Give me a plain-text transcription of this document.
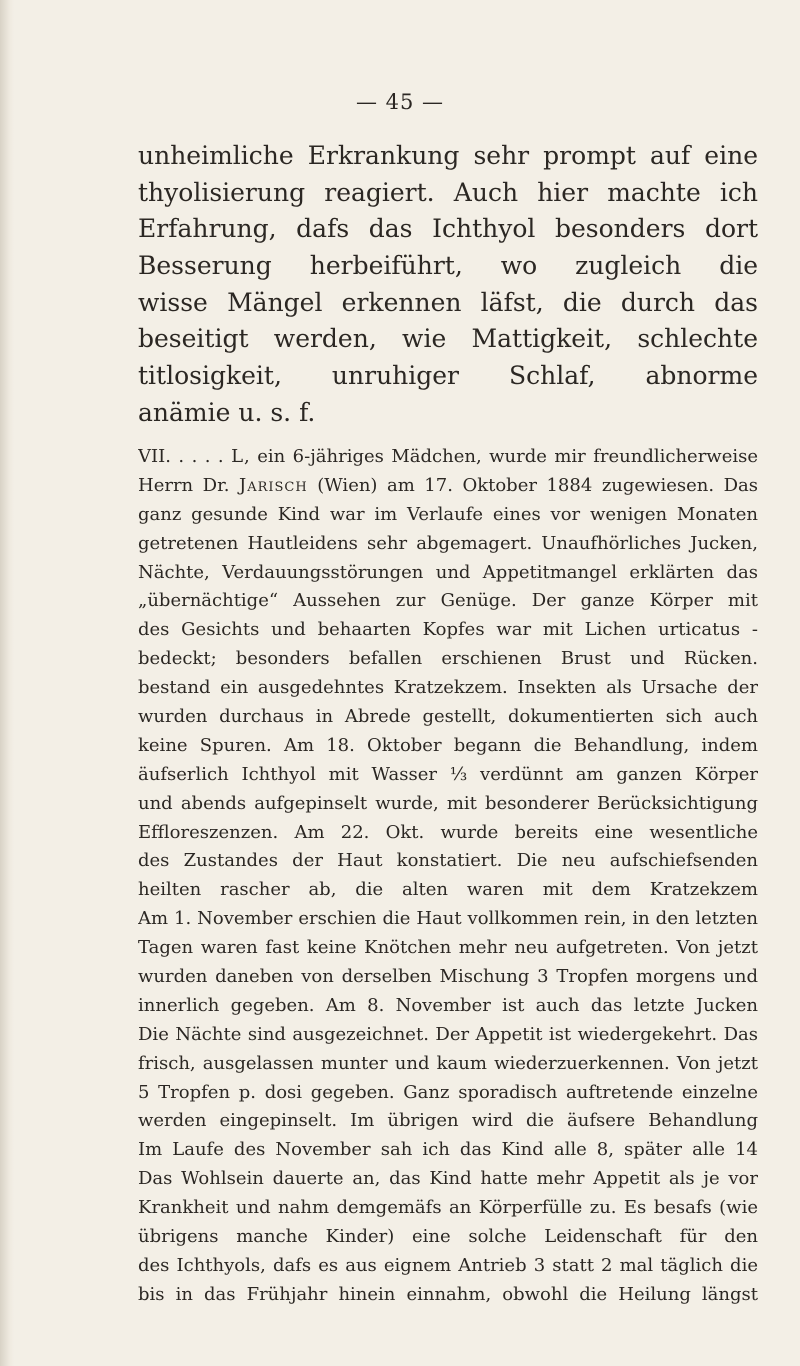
— 45 —
unheimliche Erkrankung sehr prompt auf eine
thyolisierung reagiert. Auch hier machte ich
Erfahrung, dafs das Ichthyol besonders dort
Besserung herbeiführt, wo zugleich die
wisse Mängel erkennen läfst, die durch das
beseitigt werden, wie Mattigkeit, schlechte
titlosigkeit, unruhiger Schlaf, abnorme
anämie u. s. f.
VII. . . . . L, ein 6-jähriges Mädchen, wurde mir freundlicherweise
Herrn Dr. Jarisch (Wien) am 17. Oktober 1884 zugewiesen. Das
ganz gesunde Kind war im Verlaufe eines vor wenigen Monaten
getretenen Hautleidens sehr abgemagert. Unaufhörliches Jucken,
Nächte, Verdauungsstörungen und Appetitmangel erklärten das
„übernächtige“ Aussehen zur Genüge. Der ganze Körper mit
des Gesichts und behaarten Kopfes war mit Lichen urticatus -
bedeckt; besonders befallen erschienen Brust und Rücken.
bestand ein ausgedehntes Kratzekzem. Insekten als Ursache der
wurden durchaus in Abrede gestellt, dokumentierten sich auch
keine Spuren. Am 18. Oktober begann die Behandlung, indem
äufserlich Ichthyol mit Wasser ⅓ verdünnt am ganzen Körper
und abends aufgepinselt wurde, mit besonderer Berücksichtigung
Effloreszenzen. Am 22. Okt. wurde bereits eine wesentliche
des Zustandes der Haut konstatiert. Die neu aufschiefsenden
heilten rascher ab, die alten waren mit dem Kratzekzem
Am 1. November erschien die Haut vollkommen rein, in den letzten
Tagen waren fast keine Knötchen mehr neu aufgetreten. Von jetzt
wurden daneben von derselben Mischung 3 Tropfen morgens und
innerlich gegeben. Am 8. November ist auch das letzte Jucken
Die Nächte sind ausgezeichnet. Der Appetit ist wiedergekehrt. Das
frisch, ausgelassen munter und kaum wiederzuerkennen. Von jetzt
5 Tropfen p. dosi gegeben. Ganz sporadisch auftretende einzelne
werden eingepinselt. Im übrigen wird die äufsere Behandlung
Im Laufe des November sah ich das Kind alle 8, später alle 14
Das Wohlsein dauerte an, das Kind hatte mehr Appetit als je vor
Krankheit und nahm demgemäfs an Körperfülle zu. Es besafs (wie
übrigens manche Kinder) eine solche Leidenschaft für den
des Ichthyols, dafs es aus eignem Antrieb 3 statt 2 mal täglich die
bis in das Frühjahr hinein einnahm, obwohl die Heilung längst
